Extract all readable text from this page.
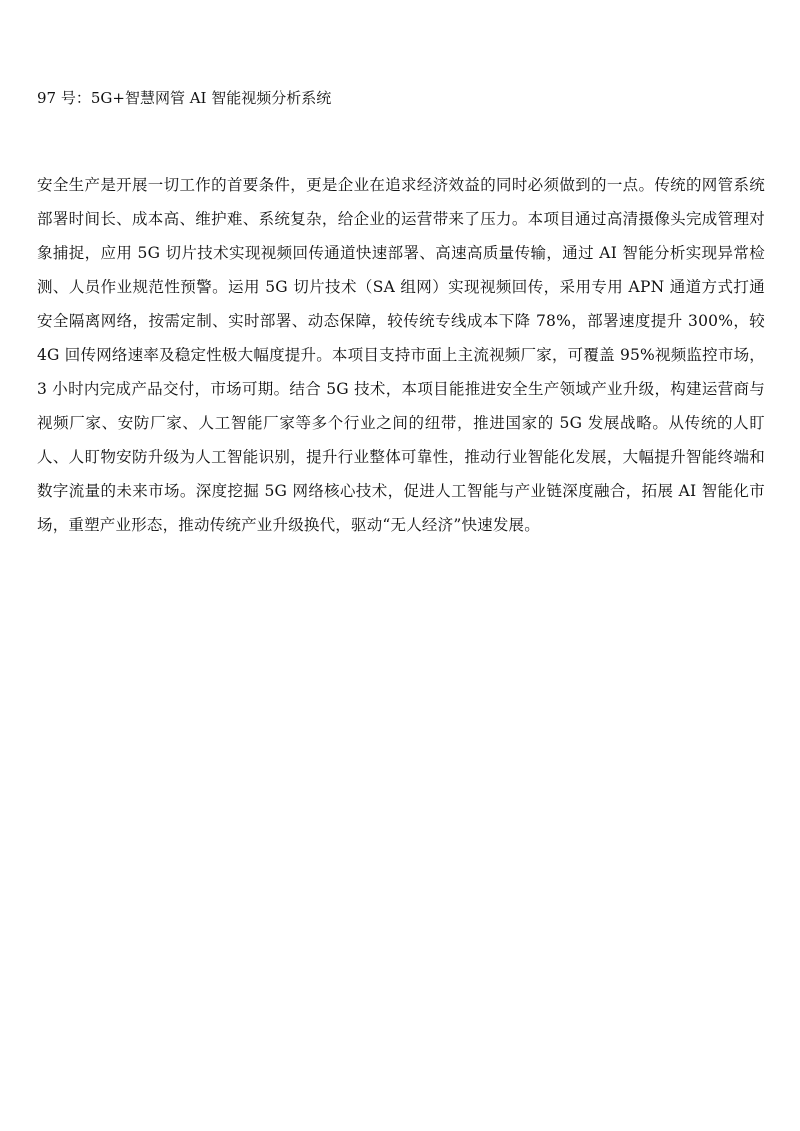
97 号：5G+智慧网管 AI 智能视频分析系统

安全生产是开展一切工作的首要条件，更是企业在追求经济效益的同时必须做到的一点。传统的网管系统部署时间长、成本高、维护难、系统复杂，给企业的运营带来了压力。本项目通过高清摄像头完成管理对象捕捉，应用 5G 切片技术实现视频回传通道快速部署、高速高质量传输，通过 AI 智能分析实现异常检测、人员作业规范性预警。运用 5G 切片技术（SA 组网）实现视频回传，采用专用 APN 通道方式打通安全隔离网络，按需定制、实时部署、动态保障，较传统专线成本下降 78%，部署速度提升 300%，较 4G 回传网络速率及稳定性极大幅度提升。本项目支持市面上主流视频厂家，可覆盖 95%视频监控市场，3 小时内完成产品交付，市场可期。结合 5G 技术，本项目能推进安全生产领域产业升级，构建运营商与视频厂家、安防厂家、人工智能厂家等多个行业之间的纽带，推进国家的 5G 发展战略。从传统的人盯人、人盯物安防升级为人工智能识别，提升行业整体可靠性，推动行业智能化发展，大幅提升智能终端和数字流量的未来市场。深度挖掘 5G 网络核心技术，促进人工智能与产业链深度融合，拓展 AI 智能化市场，重塑产业形态，推动传统产业升级换代，驱动“无人经济”快速发展。
